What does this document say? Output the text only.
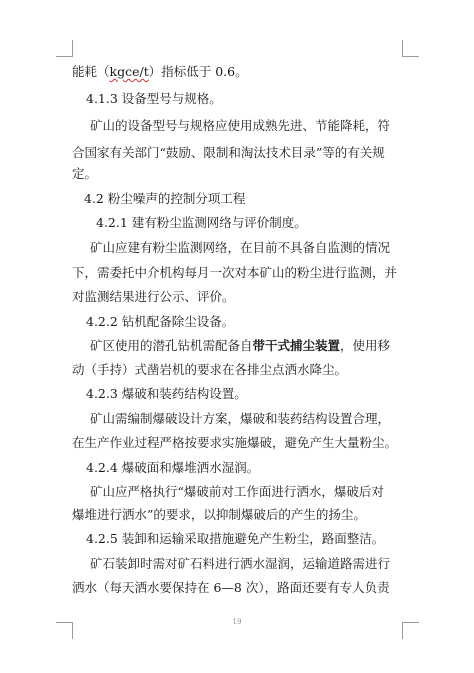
能耗（kgce/t）指标低于 0.6。
4.1.3 设备型号与规格。
矿山的设备型号与规格应使用成熟先进、节能降耗，符
合国家有关部门“鼓励、限制和淘汰技术目录”等的有关规
定。
4.2 粉尘噪声的控制分项工程
4.2.1 建有粉尘监测网络与评价制度。
矿山应建有粉尘监测网络，在目前不具备自监测的情况
下，需委托中介机构每月一次对本矿山的粉尘进行监测，并
对监测结果进行公示、评价。
4.2.2 钻机配备除尘设备。
矿区使用的潜孔钻机需配备自带干式捕尘装置，使用移
动（手持）式凿岩机的要求在各排尘点洒水降尘。
4.2.3 爆破和装药结构设置。
矿山需编制爆破设计方案，爆破和装药结构设置合理，
在生产作业过程严格按要求实施爆破，避免产生大量粉尘。
4.2.4 爆破面和爆堆洒水湿润。
矿山应严格执行“爆破前对工作面进行洒水，爆破后对
爆堆进行洒水”的要求，以抑制爆破后的产生的扬尘。
4.2.5 装卸和运输采取措施避免产生粉尘，路面整洁。
矿石装卸时需对矿石料进行洒水湿润，运输道路需进行
洒水（每天洒水要保持在 6—8 次），路面还要有专人负责
19
